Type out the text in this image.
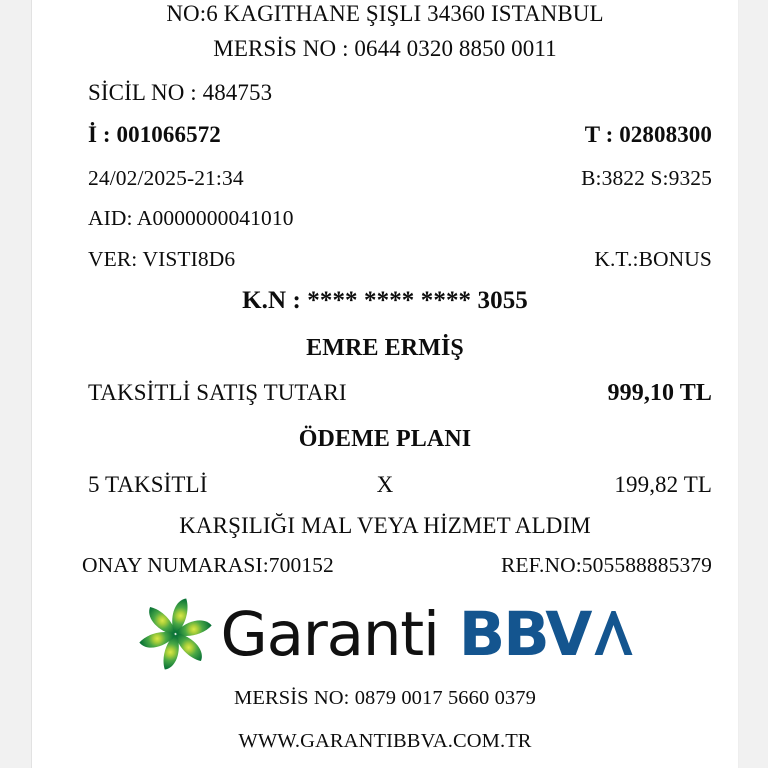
NO:6 KAGITHANE ŞIŞLI 34360 ISTANBUL
MERSİS NO : 0644 0320 8850 0011
SİCİL NO : 484753
İ : 001066572	T : 02808300
24/02/2025-21:34	B:3822 S:9325
AID: A0000000041010
VER: VISTI8D6	K.T.:BONUS
K.N : **** **** **** 3055
EMRE ERMİŞ
TAKSİTLİ SATIŞ TUTARI	999,10 TL
ÖDEME PLANI
5 TAKSİTLİ	X	199,82 TL
KARŞILIĞI MAL VEYA HİZMET ALDIM
ONAY NUMARASI:700152	REF.NO:505588885379
Garanti BBV
MERSİS NO: 0879 0017 5660 0379
WWW.GARANTIBBVA.COM.TR
